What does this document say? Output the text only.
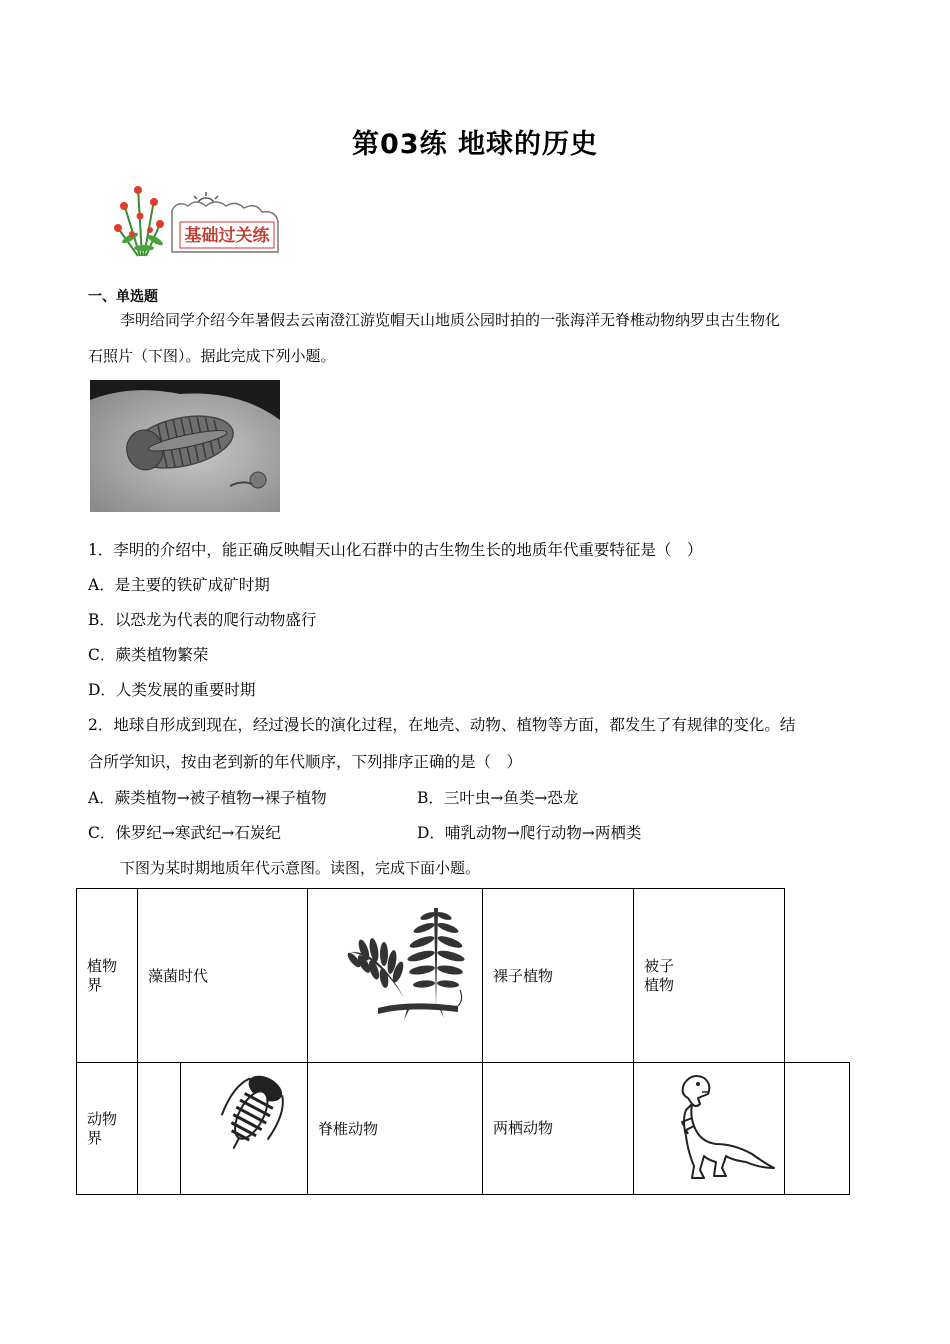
第03练 地球的历史
基础过关练
一、单选题
李明给同学介绍今年暑假去云南澄江游览帽天山地质公园时拍的一张海洋无脊椎动物纳罗虫古生物化
石照片（下图）。据此完成下列小题。
1．李明的介绍中，能正确反映帽天山化石群中的古生物生长的地质年代重要特征是（　）
A．是主要的铁矿成矿时期
B．以恐龙为代表的爬行动物盛行
C．蕨类植物繁荣
D．人类发展的重要时期
2．地球自形成到现在，经过漫长的演化过程，在地壳、动物、植物等方面，都发生了有规律的变化。结
合所学知识，按由老到新的年代顺序，下列排序正确的是（　）
A．蕨类植物→被子植物→裸子植物	B．三叶虫→鱼类→恐龙
C．侏罗纪→寒武纪→石炭纪	D．哺乳动物→爬行动物→两栖类
下图为某时期地质年代示意图。读图，完成下面小题。
植物界	藻菌时代			裸子植物	被子植物	

动物界			脊椎动物	两栖动物
